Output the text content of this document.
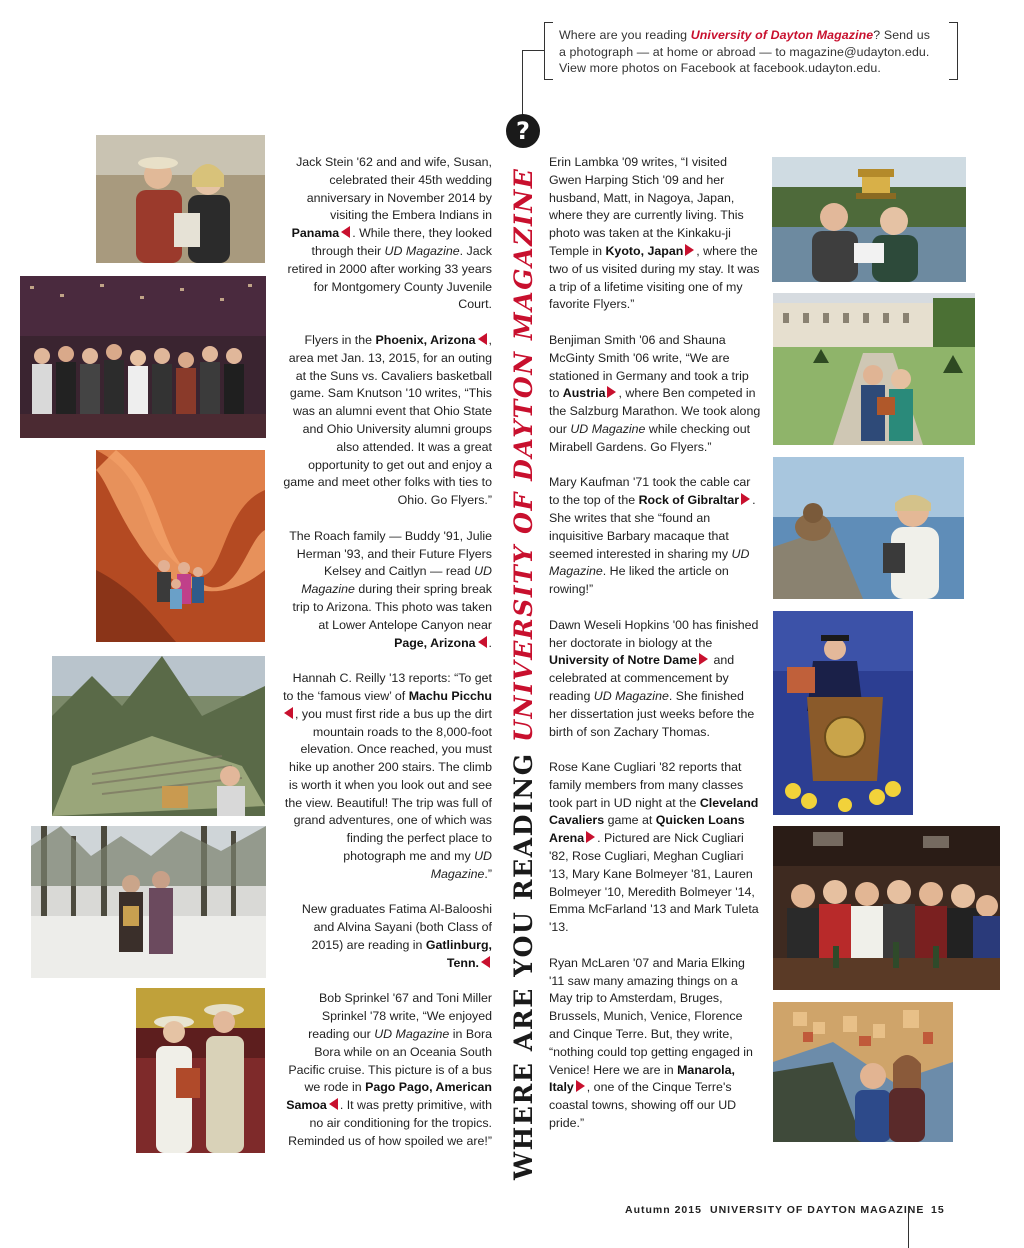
Where are you reading University of Dayton Magazine? Send us
a photograph — at home or abroad — to magazine@udayton.edu.
View more photos on Facebook at facebook.udayton.edu.
?
WHERE ARE YOU READING UNIVERSITY OF DAYTON MAGAZINE

Jack Stein '62 and and wife, Susan, celebrated their 45th wedding anniversary in November 2014 by visiting the Embera Indians in Panama . While there, they looked through their UD Magazine. Jack retired in 2000 after working 33 years for Montgomery County Juvenile Court.

Flyers in the Phoenix, Arizona , area met Jan. 13, 2015, for an outing at the Suns vs. Cavaliers basketball game. Sam Knutson '10 writes, “This was an alumni event that Ohio State and Ohio University alumni groups also attended. It was a great opportunity to get out and enjoy a game and meet other folks with ties to Ohio. Go Flyers.”

The Roach family — Buddy '91, Julie Herman '93, and their Future Flyers Kelsey and Caitlyn — read UD Magazine during their spring break trip to Arizona. This photo was taken at Lower Antelope Canyon near Page, Arizona .

Hannah C. Reilly '13 reports: “To get to the ‘famous view’ of Machu Picchu, you must first ride a bus up the dirt mountain roads to the 8,000-foot elevation. Once reached, you must hike up another 200 stairs. The climb is worth it when you look out and see the view. Beautiful! The trip was full of grand adventures, one of which was finding the perfect place to photograph me and my UD Magazine.”

New graduates Fatima Al-Balooshi and Alvina Sayani (both Class of 2015) are reading in Gatlinburg, Tenn.

Bob Sprinkel '67 and Toni Miller Sprinkel '78 write, “We enjoyed reading our UD Magazine in Bora Bora while on an Oceania South Pacific cruise. This picture is of a bus we rode in Pago Pago, American Samoa . It was pretty primitive, with no air conditioning for the tropics. Reminded us of how spoiled we are!”

Erin Lambka '09 writes, “I visited Gwen Harping Stich '09 and her husband, Matt, in Nagoya, Japan, where they are currently living. This photo was taken at the Kinkaku-ji Temple in Kyoto, Japan , where the two of us visited during my stay. It was a trip of a lifetime visiting one of my favorite Flyers.”

Benjiman Smith '06 and Shauna McGinty Smith '06 write, “We are stationed in Germany and took a trip to Austria , where Ben competed in the Salzburg Marathon. We took along our UD Magazine while checking out Mirabell Gardens. Go Flyers.”

Mary Kaufman '71 took the cable car to the top of the Rock of Gibraltar . She writes that she “found an inquisitive Barbary macaque that seemed interested in sharing my UD Magazine. He liked the article on rowing!”

Dawn Weseli Hopkins '00 has finished her doctorate in biology at the University of Notre Dame and celebrated at commencement by reading UD Magazine. She finished her dissertation just weeks before the birth of son Zachary Thomas.

Rose Kane Cugliari '82 reports that family members from many classes took part in UD night at the Cleveland Cavaliers game at Quicken Loans Arena . Pictured are Nick Cugliari '82, Rose Cugliari, Meghan Cugliari '13, Mary Kane Bolmeyer '81, Lauren Bolmeyer '10, Meredith Bolmeyer '14, Emma McFarland '13 and Mark Tuleta '13.

Ryan McLaren '07 and Maria Elking '11 saw many amazing things on a May trip to Amsterdam, Bruges, Brussels, Munich, Venice, Florence and Cinque Terre. But, they write, “nothing could top getting engaged in Venice! Here we are in Manarola, Italy , one of the Cinque Terre's coastal towns, showing off our UD pride.”

Autumn 2015 UNIVERSITY OF DAYTON MAGAZINE 15
